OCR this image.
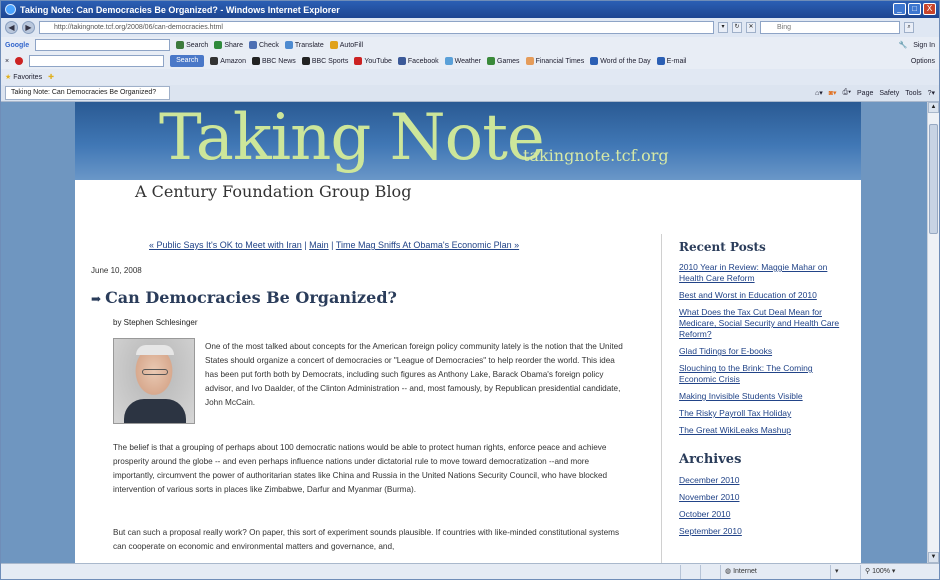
Taking Note: Can Democracies Be Organized? - Windows Internet Explorer	_	□	X
◀	▶	http://takingnote.tcf.org/2008/06/can-democracies.html	▾	↻	✕	Bing	⌕
Google	Search Share Check Translate AutoFill	🔧 Sign In
×	Search	Amazon BBC News BBC Sports YouTube Facebook Weather Games Financial Times Word of the Day E-mail	Options
★ Favorites ✚
Taking Note: Can Democracies Be Organized?	⌂▾ ◙▾ ⎙▾ Page Safety Tools ?▾
Taking Note
takingnote.tcf.org
A Century Foundation Group Blog
« Public Says It's OK to Meet with Iran | Main | Time Mag Sniffs At Obama's Economic Plan »
June 10, 2008
➡ Can Democracies Be Organized?
by Stephen Schlesinger
One of the most talked about concepts for the American foreign policy community lately is the notion that the United States should organize a concert of democracies or "League of Democracies" to help reorder the world. This idea has been put forth both by Democrats, including such figures as Anthony Lake, Barack Obama's foreign policy advisor, and Ivo Daalder, of the Clinton Administration -- and, most famously, by Republican presidential candidate, John McCain.
The belief is that a grouping of perhaps about 100 democratic nations would be able to protect human rights, enforce peace and achieve prosperity around the globe -- and even perhaps influence nations under dictatorial rule to move toward democratization --and more importantly, circumvent the power of authoritarian states like China and Russia in the United Nations Security Council, who have blocked intervention of various sorts in places like Zimbabwe, Darfur and Myanmar (Burma).
But can such a proposal really work? On paper, this sort of experiment sounds plausible. If countries with like-minded constitutional systems can cooperate on economic and environmental matters and governance, and,
Recent Posts
2010 Year in Review: Maggie Mahar on Health Care Reform
Best and Worst in Education of 2010
What Does the Tax Cut Deal Mean for Medicare, Social Security and Health Care Reform?
Glad Tidings for E-books
Slouching to the Brink: The Coming Economic Crisis
Making Invisible Students Visible
The Risky Payroll Tax Holiday
The Great WikiLeaks Mashup
Archives
December 2010
November 2010
October 2010
September 2010
▲
▼
◍ Internet	▾	⚲ 100% ▾
